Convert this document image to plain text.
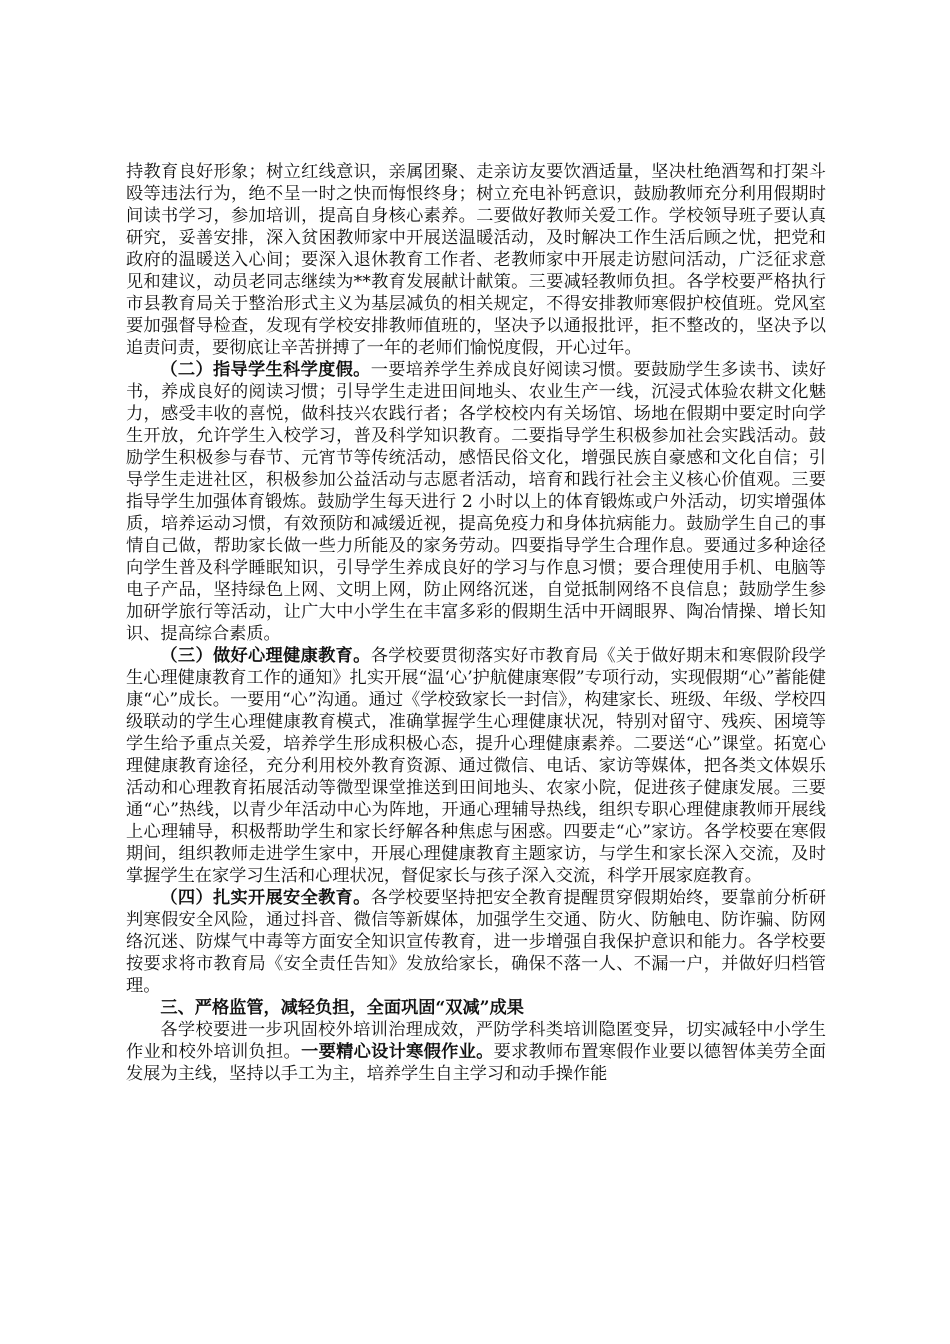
持教育良好形象；树立红线意识，亲属团聚、走亲访友要饮酒适量，坚决杜绝酒驾和打架斗殴等违法行为，绝不呈一时之快而悔恨终身；树立充电补钙意识，鼓励教师充分利用假期时间读书学习，参加培训，提高自身核心素养。二要做好教师关爱工作。学校领导班子要认真研究，妥善安排，深入贫困教师家中开展送温暖活动，及时解决工作生活后顾之忧，把党和政府的温暖送入心间；要深入退休教育工作者、老教师家中开展走访慰问活动，广泛征求意见和建议，动员老同志继续为**教育发展献计献策。三要减轻教师负担。各学校要严格执行市县教育局关于整治形式主义为基层减负的相关规定，不得安排教师寒假护校值班。党风室要加强督导检查，发现有学校安排教师值班的，坚决予以通报批评，拒不整改的，坚决予以追责问责，要彻底让辛苦拼搏了一年的老师们愉悦度假，开心过年。

（二）指导学生科学度假。一要培养学生养成良好阅读习惯。要鼓励学生多读书、读好书，养成良好的阅读习惯；引导学生走进田间地头、农业生产一线，沉浸式体验农耕文化魅力，感受丰收的喜悦，做科技兴农践行者；各学校校内有关场馆、场地在假期中要定时向学生开放，允许学生入校学习，普及科学知识教育。二要指导学生积极参加社会实践活动。鼓励学生积极参与春节、元宵节等传统活动，感悟民俗文化，增强民族自豪感和文化自信；引导学生走进社区，积极参加公益活动与志愿者活动，培育和践行社会主义核心价值观。三要指导学生加强体育锻炼。鼓励学生每天进行 2 小时以上的体育锻炼或户外活动，切实增强体质，培养运动习惯，有效预防和减缓近视，提高免疫力和身体抗病能力。鼓励学生自己的事情自己做，帮助家长做一些力所能及的家务劳动。四要指导学生合理作息。要通过多种途径向学生普及科学睡眠知识，引导学生养成良好的学习与作息习惯；要合理使用手机、电脑等电子产品，坚持绿色上网、文明上网，防止网络沉迷，自觉抵制网络不良信息；鼓励学生参加研学旅行等活动，让广大中小学生在丰富多彩的假期生活中开阔眼界、陶冶情操、增长知识、提高综合素质。

（三）做好心理健康教育。各学校要贯彻落实好市教育局《关于做好期末和寒假阶段学生心理健康教育工作的通知》扎实开展“温‘心’护航健康寒假”专项行动，实现假期“心”蓄能健康“心”成长。一要用“心”沟通。通过《学校致家长一封信》，构建家长、班级、年级、学校四级联动的学生心理健康教育模式，准确掌握学生心理健康状况，特别对留守、残疾、困境等学生给予重点关爱，培养学生形成积极心态，提升心理健康素养。二要送“心”课堂。拓宽心理健康教育途径，充分利用校外教育资源、通过微信、电话、家访等媒体，把各类文体娱乐活动和心理教育拓展活动等微型课堂推送到田间地头、农家小院，促进孩子健康发展。三要通“心”热线，以青少年活动中心为阵地，开通心理辅导热线，组织专职心理健康教师开展线上心理辅导，积极帮助学生和家长纾解各种焦虑与困惑。四要走“心”家访。各学校要在寒假期间，组织教师走进学生家中，开展心理健康教育主题家访，与学生和家长深入交流，及时掌握学生在家学习生活和心理状况，督促家长与孩子深入交流，科学开展家庭教育。

（四）扎实开展安全教育。各学校要坚持把安全教育提醒贯穿假期始终，要靠前分析研判寒假安全风险，通过抖音、微信等新媒体，加强学生交通、防火、防触电、防诈骗、防网络沉迷、防煤气中毒等方面安全知识宣传教育，进一步增强自我保护意识和能力。各学校要按要求将市教育局《安全责任告知》发放给家长，确保不落一人、不漏一户，并做好归档管理。

三、严格监管，减轻负担，全面巩固“双减”成果

各学校要进一步巩固校外培训治理成效，严防学科类培训隐匿变异，切实减轻中小学生作业和校外培训负担。一要精心设计寒假作业。要求教师布置寒假作业要以德智体美劳全面发展为主线，坚持以手工为主，培养学生自主学习和动手操作能
